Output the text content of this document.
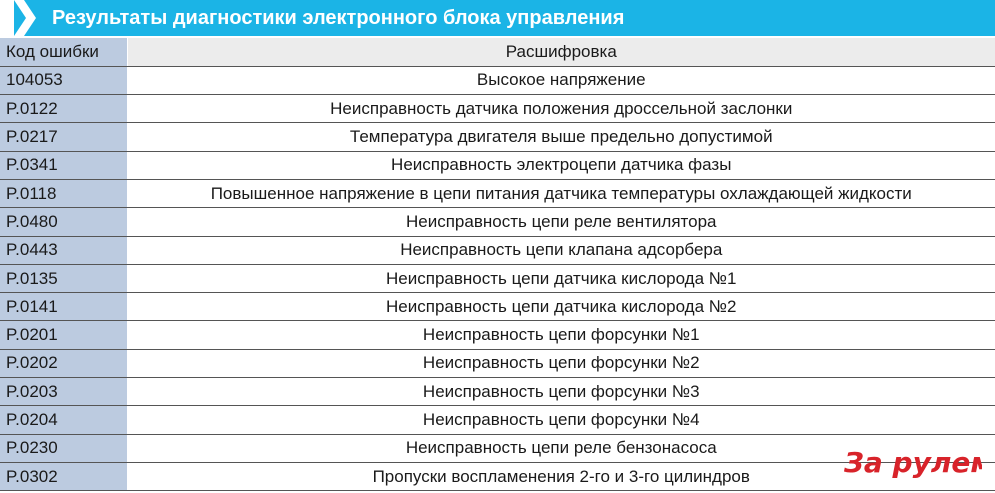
Результаты диагностики электронного блока управления
Код ошибки	Расшифровка
104053	Высокое напряжение
P.0122	Неисправность датчика положения дроссельной заслонки
P.0217	Температура двигателя выше предельно допустимой
P.0341	Неисправность электроцепи датчика фазы
P.0118	Повышенное напряжение в цепи питания датчика температуры охлаждающей жидкости
P.0480	Неисправность цепи реле вентилятора
P.0443	Неисправность цепи клапана адсорбера
P.0135	Неисправность цепи датчика кислорода №1
P.0141	Неисправность цепи датчика кислорода №2
P.0201	Неисправность цепи форсунки №1
P.0202	Неисправность цепи форсунки №2
P.0203	Неисправность цепи форсунки №3
P.0204	Неисправность цепи форсунки №4
P.0230	Неисправность цепи реле бензонасоса
P.0302	Пропуски воспламенения 2-го и 3-го цилиндров	За рулем
